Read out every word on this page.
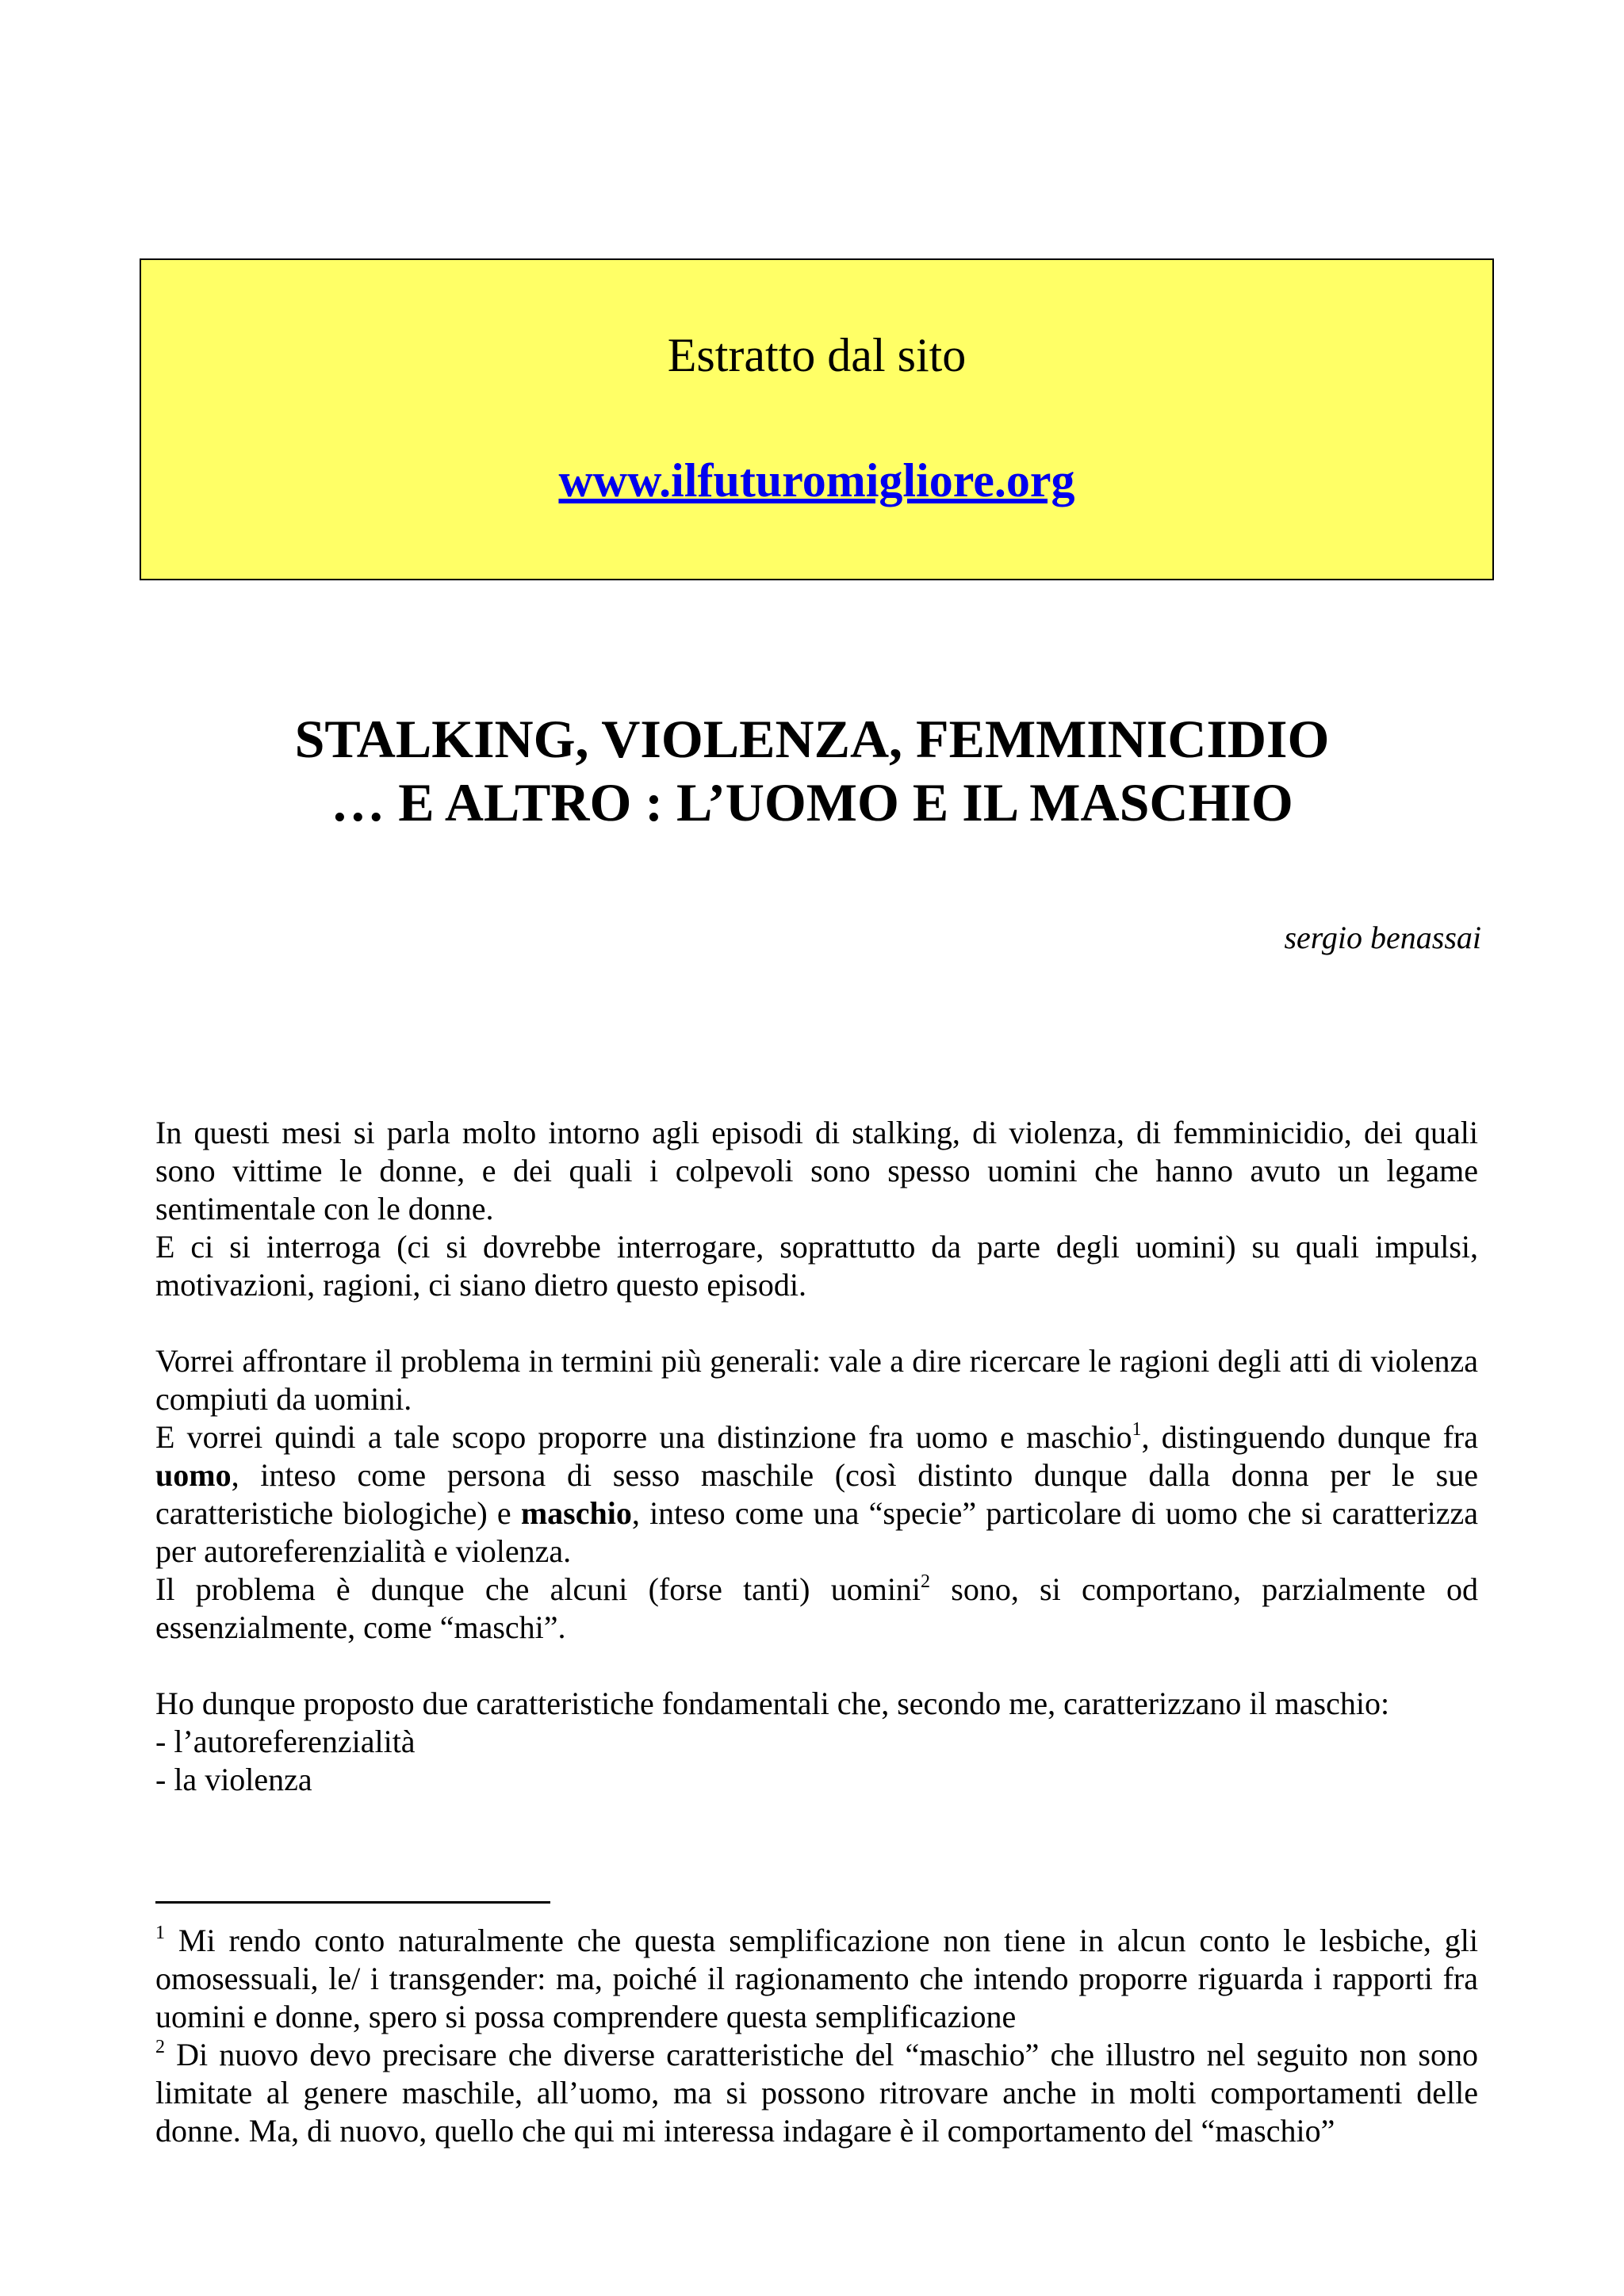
Estratto dal sito
www.ilfuturomigliore.org
STALKING, VIOLENZA, FEMMINICIDIO
… E ALTRO : L’UOMO E IL MASCHIO
sergio benassai

In questi mesi si parla molto intorno agli episodi di stalking, di violenza, di femminicidio, dei quali sono vittime le donne, e dei quali i colpevoli sono spesso uomini che hanno avuto un legame sentimentale con le donne.

E ci si interroga (ci si dovrebbe interrogare, soprattutto da parte degli uomini) su quali impulsi, motivazioni, ragioni, ci siano dietro questo episodi.

Vorrei affrontare il problema in termini più generali: vale a dire ricercare le ragioni degli atti di violenza compiuti da uomini.

E vorrei quindi a tale scopo proporre una distinzione fra uomo e maschio$^1$, distinguendo dunque fra uomo, inteso come persona di sesso maschile (così distinto dunque dalla donna per le sue caratteristiche biologiche) e maschio, inteso come una “specie” particolare di uomo che si caratterizza per autoreferenzialità e violenza.

Il problema è dunque che alcuni (forse tanti) uomini$^2$ sono, si comportano, parzialmente od essenzialmente, come “maschi”.

Ho dunque proposto due caratteristiche fondamentali che, secondo me, caratterizzano il maschio:

- l’autoreferenzialità

- la violenza

$^1$ Mi rendo conto naturalmente che questa semplificazione non tiene in alcun conto le lesbiche, gli omosessuali, le/ i transgender: ma, poiché il ragionamento che intendo proporre riguarda i rapporti fra uomini e donne, spero si possa comprendere questa semplificazione

$^2$ Di nuovo devo precisare che diverse caratteristiche del “maschio” che illustro nel seguito non sono limitate al genere maschile, all’uomo, ma si possono ritrovare anche in molti comportamenti delle donne. Ma, di nuovo, quello che qui mi interessa indagare è il comportamento del “maschio”
